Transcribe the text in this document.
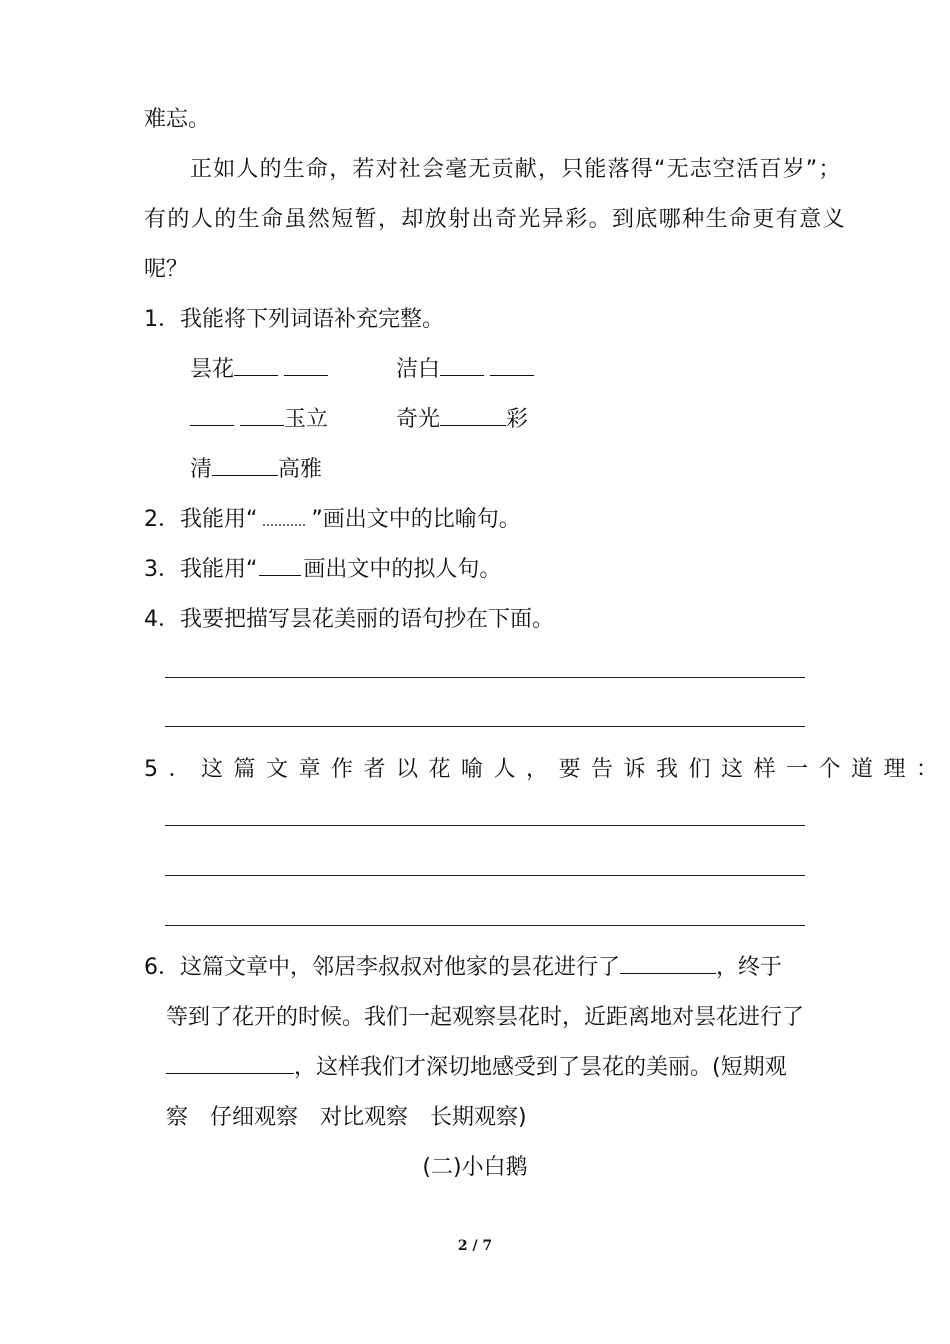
难忘。
正如人的生命，若对社会毫无贡献，只能落得“无志空活百岁”；
有的人的生命虽然短暂，却放射出奇光异彩。到底哪种生命更有意义
呢？
1．我能将下列词语补充完整。
昙花	洁白
玉立	奇光	彩
清	高雅
2．我能用“ ”画出文中的比喻句。
3．我能用“ 画出文中的拟人句。
4．我要把描写昙花美丽的语句抄在下面。
5．这篇文章作者以花喻人，要告诉我们这样一个道理：
6．这篇文章中，邻居李叔叔对他家的昙花进行了	，终于
等到了花开的时候。我们一起观察昙花时，近距离地对昙花进行了
，这样我们才深切地感受到了昙花的美丽。(短期观
察　仔细观察　对比观察　长期观察)
(二)小白鹅
2 / 7
